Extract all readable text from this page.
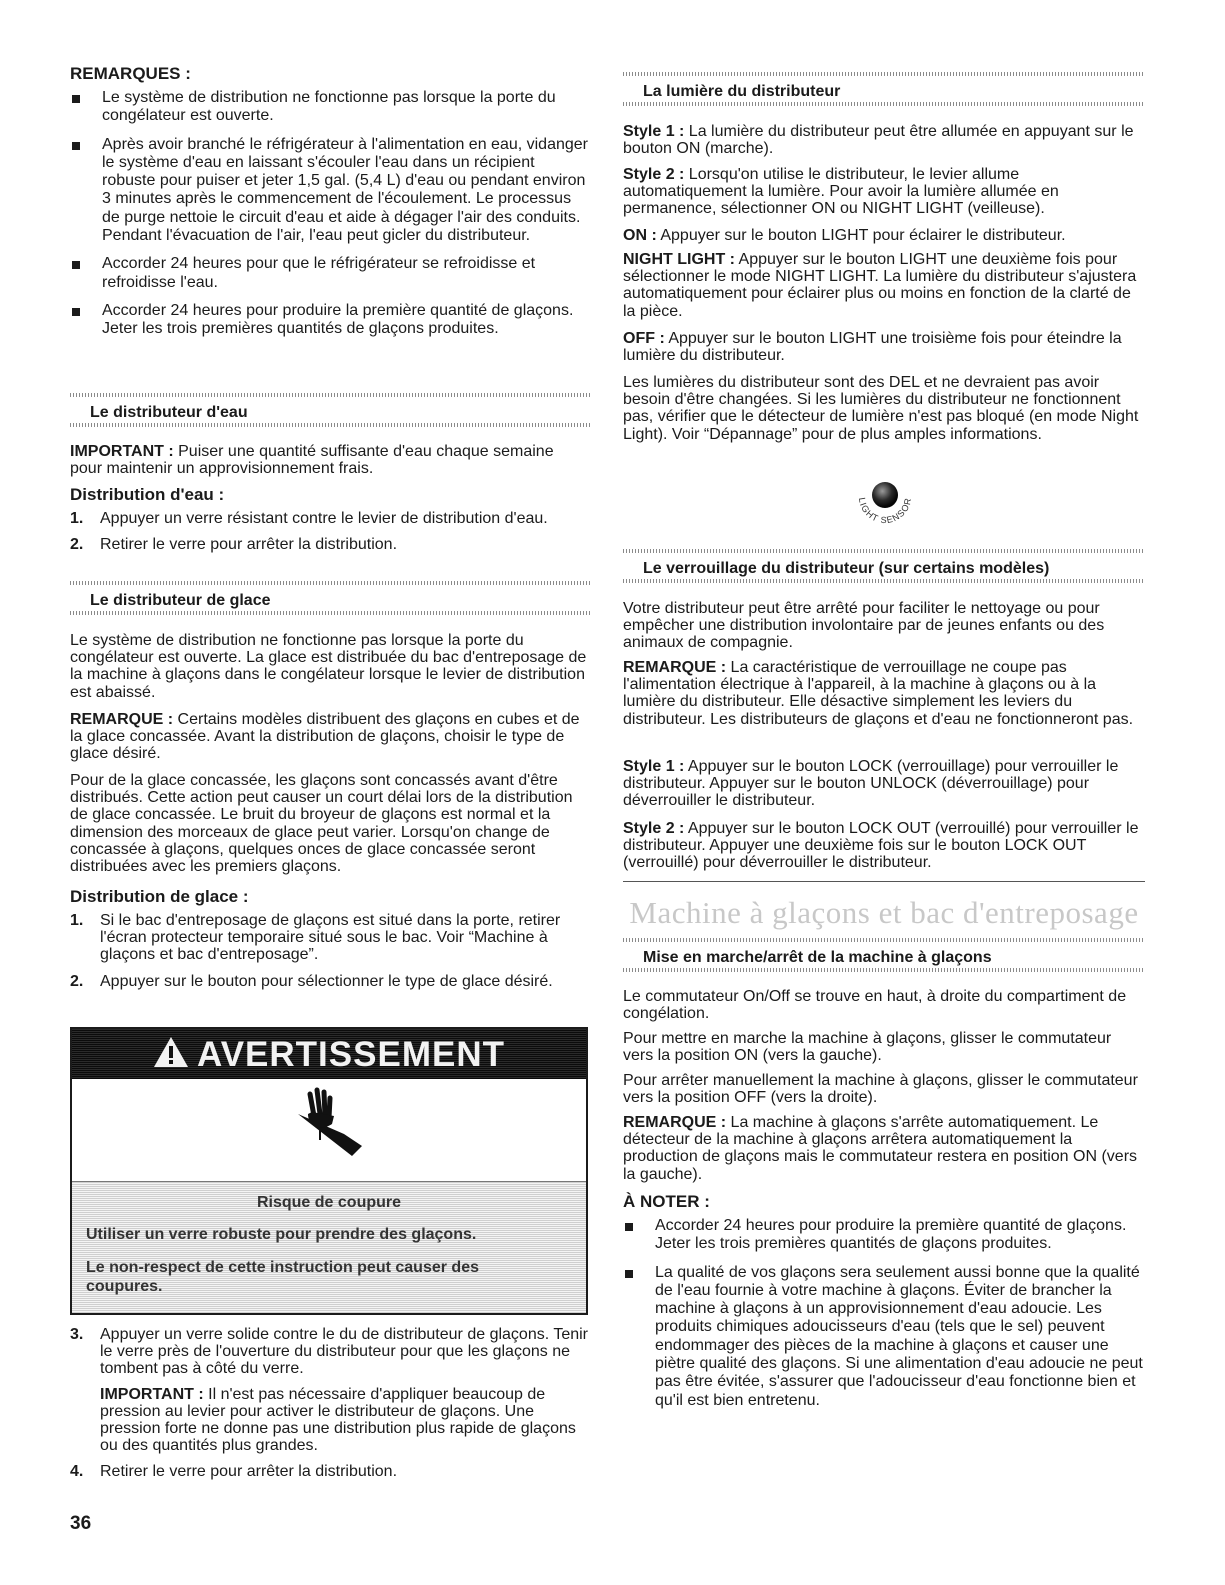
REMARQUES :
Le système de distribution ne fonctionne pas lorsque la porte du congélateur est ouverte.
Après avoir branché le réfrigérateur à l'alimentation en eau, vidanger le système d'eau en laissant s'écouler l'eau dans un récipient robuste pour puiser et jeter 1,5 gal. (5,4 L) d'eau ou pendant environ 3 minutes après le commencement de l'écoulement. Le processus de purge nettoie le circuit d'eau et aide à dégager l'air des conduits. Pendant l'évacuation de l'air, l'eau peut gicler du distributeur.
Accorder 24 heures pour que le réfrigérateur se refroidisse et refroidisse l'eau.
Accorder 24 heures pour produire la première quantité de glaçons. Jeter les trois premières quantités de glaçons produites.
Le distributeur d'eau

IMPORTANT : Puiser une quantité suffisante d'eau chaque semaine pour maintenir un approvisionnement frais.

Distribution d'eau :
1. Appuyer un verre résistant contre le levier de distribution d'eau.
2. Retirer le verre pour arrêter la distribution.
Le distributeur de glace

Le système de distribution ne fonctionne pas lorsque la porte du congélateur est ouverte. La glace est distribuée du bac d'entreposage de la machine à glaçons dans le congélateur lorsque le levier de distribution est abaissé.

REMARQUE : Certains modèles distribuent des glaçons en cubes et de la glace concassée. Avant la distribution de glaçons, choisir le type de glace désiré.

Pour de la glace concassée, les glaçons sont concassés avant d'être distribués. Cette action peut causer un court délai lors de la distribution de glace concassée. Le bruit du broyeur de glaçons est normal et la dimension des morceaux de glace peut varier. Lorsqu'on change de concassée à glaçons, quelques onces de glace concassée seront distribuées avec les premiers glaçons.

Distribution de glace :
1. Si le bac d'entreposage de glaçons est situé dans la porte, retirer l'écran protecteur temporaire situé sous le bac. Voir “Machine à glaçons et bac d'entreposage”.
2. Appuyer sur le bouton pour sélectionner le type de glace désiré.
3. Appuyer un verre solide contre le du de distributeur de glaçons. Tenir le verre près de l'ouverture du distributeur pour que les glaçons ne tombent pas à côté du verre.
IMPORTANT : Il n'est pas nécessaire d'appliquer beaucoup de pression au levier pour activer le distributeur de glaçons. Une pression forte ne donne pas une distribution plus rapide de glaçons ou des quantités plus grandes.
4. Retirer le verre pour arrêter la distribution.
AVERTISSEMENT
Risque de coupure
Utiliser un verre robuste pour prendre des glaçons.
Le non-respect de cette instruction peut causer des coupures.
La lumière du distributeur

Style 1 : La lumière du distributeur peut être allumée en appuyant sur le bouton ON (marche).

Style 2 : Lorsqu'on utilise le distributeur, le levier allume automatiquement la lumière. Pour avoir la lumière allumée en permanence, sélectionner ON ou NIGHT LIGHT (veilleuse).

ON : Appuyer sur le bouton LIGHT pour éclairer le distributeur.

NIGHT LIGHT : Appuyer sur le bouton LIGHT une deuxième fois pour sélectionner le mode NIGHT LIGHT. La lumière du distributeur s'ajustera automatiquement pour éclairer plus ou moins en fonction de la clarté de la pièce.

OFF : Appuyer sur le bouton LIGHT une troisième fois pour éteindre la lumière du distributeur.

Les lumières du distributeur sont des DEL et ne devraient pas avoir besoin d'être changées. Si les lumières du distributeur ne fonctionnent pas, vérifier que le détecteur de lumière n'est pas bloqué (en mode Night Light). Voir “Dépannage” pour de plus amples informations.

LIGHT SENSOR
Le verrouillage du distributeur (sur certains modèles)

Votre distributeur peut être arrêté pour faciliter le nettoyage ou pour empêcher une distribution involontaire par de jeunes enfants ou des animaux de compagnie.

REMARQUE : La caractéristique de verrouillage ne coupe pas l'alimentation électrique à l'appareil, à la machine à glaçons ou à la lumière du distributeur. Elle désactive simplement les leviers du distributeur. Les distributeurs de glaçons et d'eau ne fonctionneront pas.

Style 1 : Appuyer sur le bouton LOCK (verrouillage) pour verrouiller le distributeur. Appuyer sur le bouton UNLOCK (déverrouillage) pour déverrouiller le distributeur.

Style 2 : Appuyer sur le bouton LOCK OUT (verrouillé) pour verrouiller le distributeur. Appuyer une deuxième fois sur le bouton LOCK OUT (verrouillé) pour déverrouiller le distributeur.

Machine à glaçons et bac d'entreposage
Mise en marche/arrêt de la machine à glaçons

Le commutateur On/Off se trouve en haut, à droite du compartiment de congélation.

Pour mettre en marche la machine à glaçons, glisser le commutateur vers la position ON (vers la gauche).

Pour arrêter manuellement la machine à glaçons, glisser le commutateur vers la position OFF (vers la droite).

REMARQUE : La machine à glaçons s'arrête automatiquement. Le détecteur de la machine à glaçons arrêtera automatiquement la production de glaçons mais le commutateur restera en position ON (vers la gauche).

À NOTER :
Accorder 24 heures pour produire la première quantité de glaçons. Jeter les trois premières quantités de glaçons produites.
La qualité de vos glaçons sera seulement aussi bonne que la qualité de l'eau fournie à votre machine à glaçons. Éviter de brancher la machine à glaçons à un approvisionnement d'eau adoucie. Les produits chimiques adoucisseurs d'eau (tels que le sel) peuvent endommager des pièces de la machine à glaçons et causer une piètre qualité des glaçons. Si une alimentation d'eau adoucie ne peut pas être évitée, s'assurer que l'adoucisseur d'eau fonctionne bien et qu'il est bien entretenu.
36
